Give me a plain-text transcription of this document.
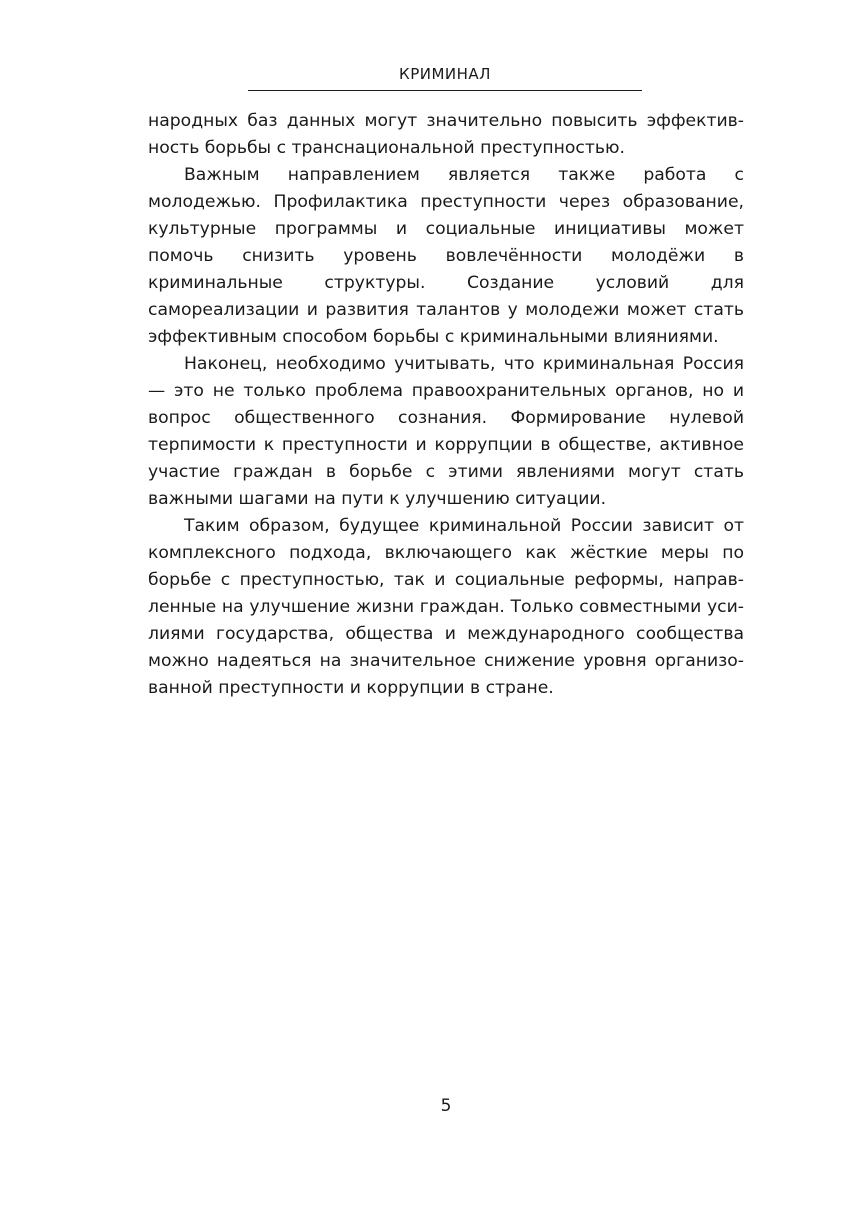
КРИМИНАЛ

народных баз данных могут значительно повысить эффективность борьбы с транснациональной преступностью.

Важным направлением является также работа с молодежью. Профилактика преступности через образование, культурные программы и социальные инициативы может помочь снизить уровень вовлечённости молодёжи в криминальные структуры. Создание условий для самореализации и развития талантов у молодежи может стать эффективным способом борьбы с криминальными влияниями.

Наконец, необходимо учитывать, что криминальная Россия — это не только проблема правоохранительных органов, но и вопрос общественного сознания. Формирование нулевой терпимости к преступности и коррупции в обществе, активное участие граждан в борьбе с этими явлениями могут стать важными шагами на пути к улучшению ситуации.

Таким образом, будущее криминальной России зависит от комплексного подхода, включающего как жёсткие меры по борьбе с преступностью, так и социальные реформы, направленные на улучшение жизни граждан. Только совместными усилиями государства, общества и международного сообщества можно надеяться на значительное снижение уровня организованной преступности и коррупции в стране.

5
